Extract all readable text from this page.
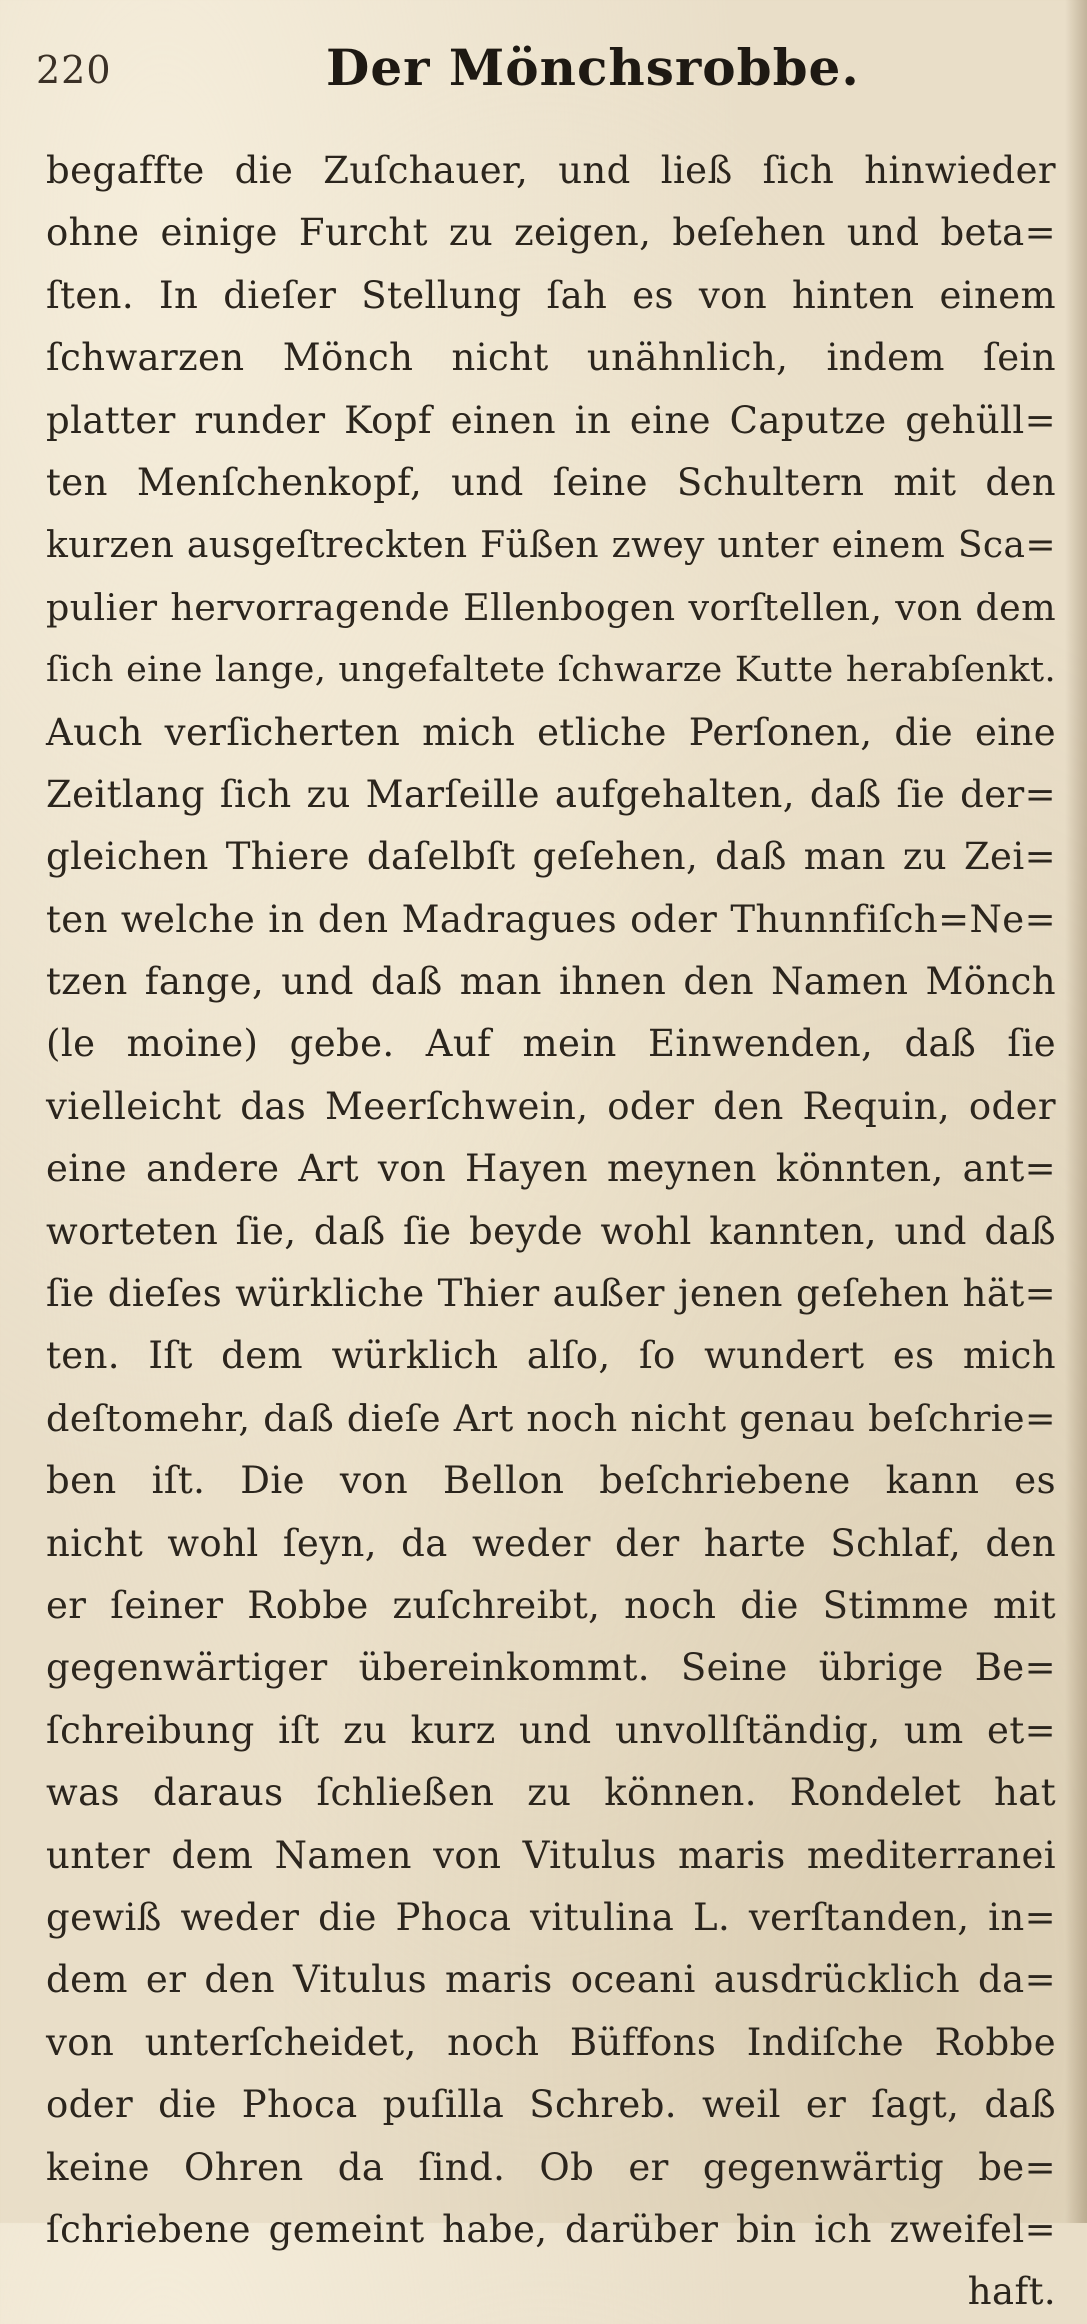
220	Der Mönchsrobbe.
begaffte die Zuſchauer, und ließ ſich hinwieder
ohne einige Furcht zu zeigen, beſehen und beta=
ſten. In dieſer Stellung ſah es von hinten einem
ſchwarzen Mönch nicht unähnlich, indem ſein
platter runder Kopf einen in eine Caputze gehüll=
ten Menſchenkopf, und ſeine Schultern mit den
kurzen ausgeſtreckten Füßen zwey unter einem Sca=
pulier hervorragende Ellenbogen vorſtellen, von dem
ſich eine lange, ungefaltete ſchwarze Kutte herabſenkt.
Auch verſicherten mich etliche Perſonen, die eine
Zeitlang ſich zu Marſeille aufgehalten, daß ſie der=
gleichen Thiere daſelbſt geſehen, daß man zu Zei=
ten welche in den Madragues oder Thunnfiſch=Ne=
tzen fange, und daß man ihnen den Namen Mönch
(le moine) gebe. Auf mein Einwenden, daß ſie
vielleicht das Meerſchwein, oder den Requin, oder
eine andere Art von Hayen meynen könnten, ant=
worteten ſie, daß ſie beyde wohl kannten, und daß
ſie dieſes würkliche Thier außer jenen geſehen hät=
ten. Iſt dem würklich alſo, ſo wundert es mich
deſtomehr, daß dieſe Art noch nicht genau beſchrie=
ben iſt. Die von Bellon beſchriebene kann es
nicht wohl ſeyn, da weder der harte Schlaf, den
er ſeiner Robbe zuſchreibt, noch die Stimme mit
gegenwärtiger übereinkommt. Seine übrige Be=
ſchreibung iſt zu kurz und unvollſtändig, um et=
was daraus ſchließen zu können. Rondelet hat
unter dem Namen von Vitulus maris mediterranei
gewiß weder die Phoca vitulina L. verſtanden, in=
dem er den Vitulus maris oceani ausdrücklich da=
von unterſcheidet, noch Büffons Indiſche Robbe
oder die Phoca puſilla Schreb. weil er ſagt, daß
keine Ohren da ſind. Ob er gegenwärtig be=
ſchriebene gemeint habe, darüber bin ich zweifel=
haft.
